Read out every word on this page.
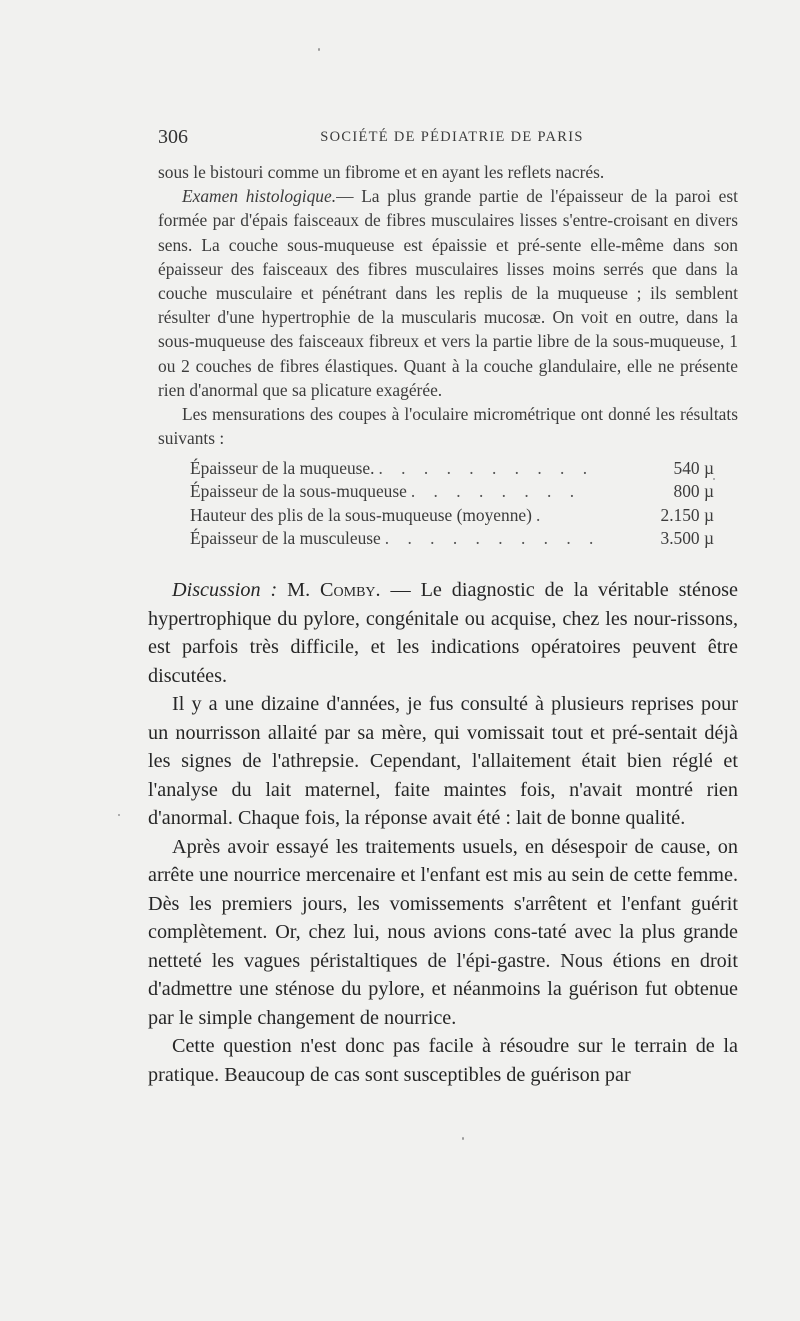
306	SOCIÉTÉ DE PÉDIATRIE DE PARIS

sous le bistouri comme un fibrome et en ayant les reflets nacrés.
Examen histologique.— La plus grande partie de l'épaisseur de la paroi est formée par d'épais faisceaux de fibres musculaires lisses s'entre-croisant en divers sens. La couche sous-muqueuse est épaissie et pré-sente elle-même dans son épaisseur des faisceaux des fibres musculaires lisses moins serrés que dans la couche musculaire et pénétrant dans les replis de la muqueuse ; ils semblent résulter d'une hypertrophie de la muscularis mucosæ. On voit en outre, dans la sous-muqueuse des faisceaux fibreux et vers la partie libre de la sous-muqueuse, 1 ou 2 couches de fibres élastiques. Quant à la couche glandulaire, elle ne présente rien d'anormal que sa plicature exagérée.

Les mensurations des coupes à l'oculaire micrométrique ont donné les résultats suivants :

Épaisseur de la muqueuse. . . . . . . . . . .	540 µ
Épaisseur de la sous-muqueuse . . . . . . . .	800 µ
Hauteur des plis de la sous-muqueuse (moyenne) .	2.150 µ
Épaisseur de la musculeuse . . . . . . . . . .	3.500 µ

Discussion : M. Comby. — Le diagnostic de la véritable sténose hypertrophique du pylore, congénitale ou acquise, chez les nour-rissons, est parfois très difficile, et les indications opératoires peuvent être discutées.

Il y a une dizaine d'années, je fus consulté à plusieurs reprises pour un nourrisson allaité par sa mère, qui vomissait tout et pré-sentait déjà les signes de l'athrepsie. Cependant, l'allaitement était bien réglé et l'analyse du lait maternel, faite maintes fois, n'avait montré rien d'anormal. Chaque fois, la réponse avait été : lait de bonne qualité.

Après avoir essayé les traitements usuels, en désespoir de cause, on arrête une nourrice mercenaire et l'enfant est mis au sein de cette femme. Dès les premiers jours, les vomissements s'arrêtent et l'enfant guérit complètement. Or, chez lui, nous avions cons-taté avec la plus grande netteté les vagues péristaltiques de l'épi-gastre. Nous étions en droit d'admettre une sténose du pylore, et néanmoins la guérison fut obtenue par le simple changement de nourrice.

Cette question n'est donc pas facile à résoudre sur le terrain de la pratique. Beaucoup de cas sont susceptibles de guérison par
